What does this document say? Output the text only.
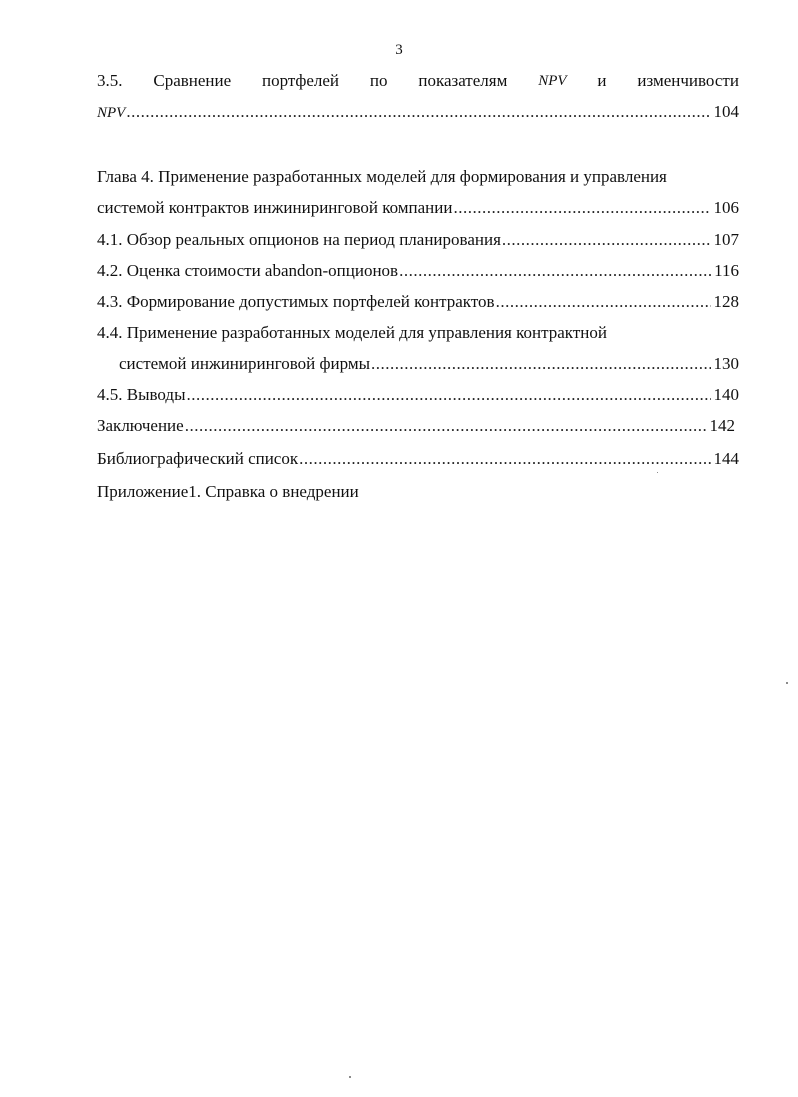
3
3.5. Сравнение портфелей по показателям NPV и изменчивости
NPV .....	104
Глава 4. Применение разработанных моделей для формирования и управления
системой контрактов инжиниринговой компании .....	106
4.1. Обзор реальных опционов на период планирования .....	107
4.2. Оценка стоимости abandon-опционов .....	116
4.3. Формирование допустимых портфелей контрактов .....	128
4.4. Применение разработанных моделей для управления контрактной
системой инжиниринговой фирмы .....	130
4.5. Выводы .....	140
Заключение .....	142
Библиографический список .....	144
Приложение1. Справка о внедрении
